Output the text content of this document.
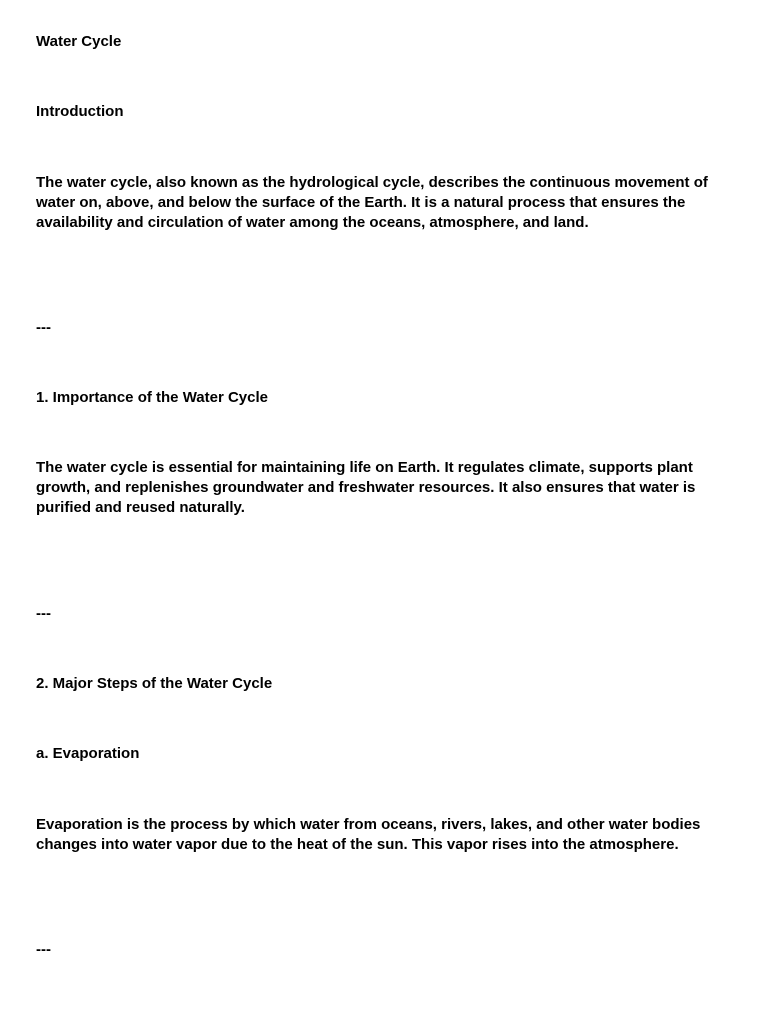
Water Cycle

Introduction

The water cycle, also known as the hydrological cycle, describes the continuous movement of water on, above, and below the surface of the Earth. It is a natural process that ensures the availability and circulation of water among the oceans, atmosphere, and land.

---

1. Importance of the Water Cycle

The water cycle is essential for maintaining life on Earth. It regulates climate, supports plant growth, and replenishes groundwater and freshwater resources. It also ensures that water is purified and reused naturally.

---

2. Major Steps of the Water Cycle

a. Evaporation

Evaporation is the process by which water from oceans, rivers, lakes, and other water bodies changes into water vapor due to the heat of the sun. This vapor rises into the atmosphere.

---
